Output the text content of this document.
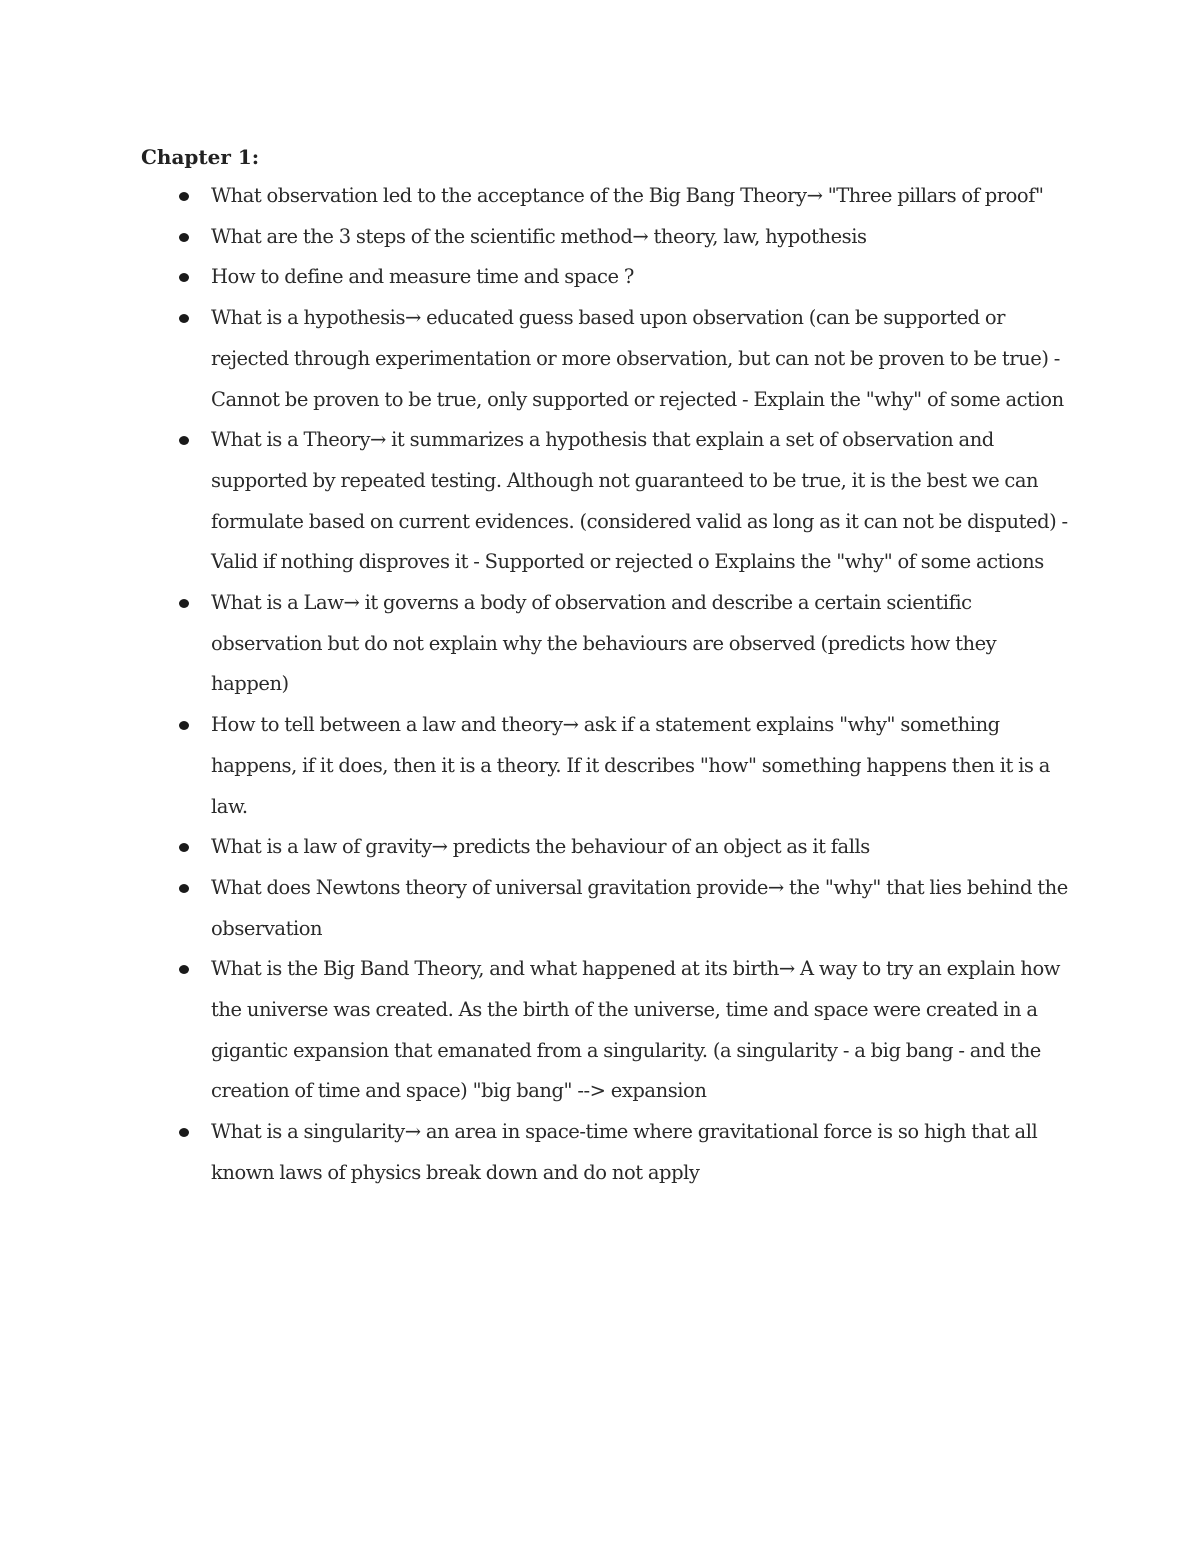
Chapter 1:
What observation led to the acceptance of the Big Bang Theory→ "Three pillars of proof"
What are the 3 steps of the scientific method→ theory, law, hypothesis
How to define and measure time and space ?
What is a hypothesis→ educated guess based upon observation (can be supported or rejected through experimentation or more observation, but can not be proven to be true) - Cannot be proven to be true, only supported or rejected - Explain the "why" of some action
What is a Theory→ it summarizes a hypothesis that explain a set of observation and supported by repeated testing. Although not guaranteed to be true, it is the best we can formulate based on current evidences. (considered valid as long as it can not be disputed) - Valid if nothing disproves it - Supported or rejected o Explains the "why" of some actions
What is a Law→ it governs a body of observation and describe a certain scientific observation but do not explain why the behaviours are observed (predicts how they happen)
How to tell between a law and theory→ ask if a statement explains "why" something happens, if it does, then it is a theory. If it describes "how" something happens then it is a law.
What is a law of gravity→ predicts the behaviour of an object as it falls
What does Newtons theory of universal gravitation provide→ the "why" that lies behind the observation
What is the Big Band Theory, and what happened at its birth→ A way to try an explain how the universe was created. As the birth of the universe, time and space were created in a gigantic expansion that emanated from a singularity. (a singularity - a big bang - and the creation of time and space) "big bang" --> expansion
What is a singularity→ an area in space-time where gravitational force is so high that all known laws of physics break down and do not apply
